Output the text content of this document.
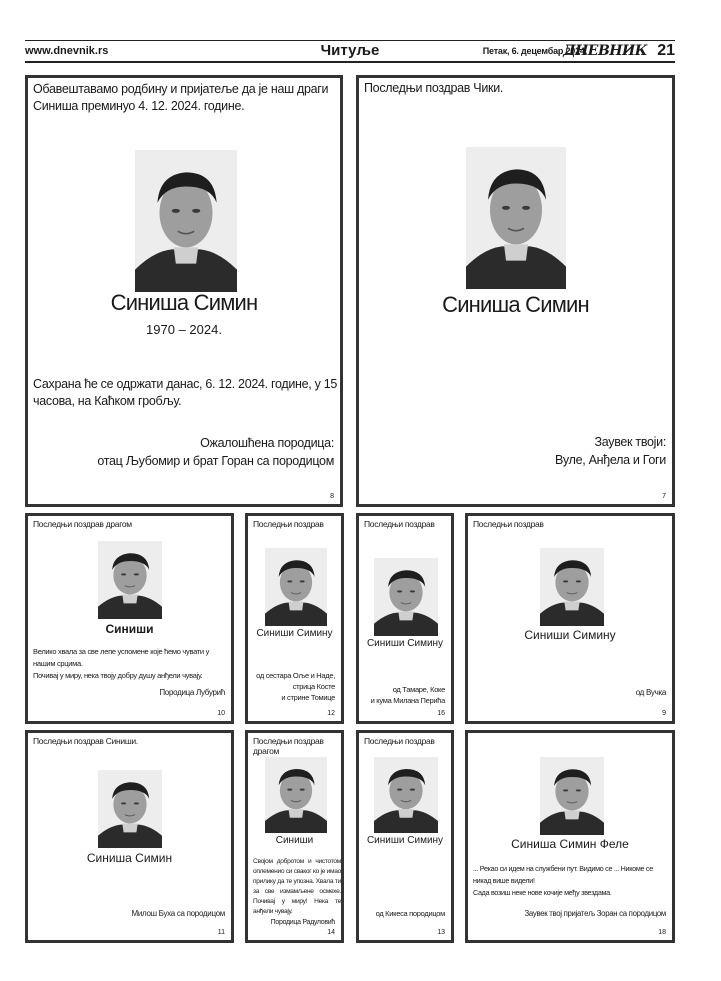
www.dnevnik.rs	Читуље	Петак, 6. децембар 2024.
ДНЕВНИК 21
Обавештавамо родбину и пријатеље да је наш драги Синиша преминуо 4. 12. 2024. године.
Синиша Симин
1970 – 2024.
Сахрана ће се одржати данас, 6. 12. 2024. године, у 15 часова, на Каћком гробљу.
Ожалошћена породица:
отац Љубомир и брат Горан са породицом
8
Последњи поздрав Чики.
Синиша Симин
Заувек твоји:
Вуле, Анђела и Гоги
7
Последњи поздрав драгом
Синиши
Велико хвала за све лепе успомене које ћемо чувати у нашим срцима.
Почивај у миру, нека твоју добру душу анђели чувају.
Породица Лубурић
10
Последњи поздрав
Синиши Симину
од сестара Оље и Наде,
стрица Косте
и стрине Томице
12
Последњи поздрав
Синиши Симину
од Тамаре, Коке
и кума Милана Перића
16
Последњи поздрав
Синиши Симину
од Вучка
9
Последњи поздрав Синиши.
Синиша Симин
Милош Буха са породицом
11
Последњи поздрав драгом
Синиши
Својом добротом и чистотом оплеменио си сваког ко је имао прилику да те упозна. Хвала ти за све измамљене осмехе. Почивај у миру! Нека те анђели чувају.
Породица Радуловић
14
Последњи поздрав
Синиши Симину
од Кикеса породицом
13
Синиша Симин Феле
... Рекао си идем на службени пут. Видимо се ... Никоме се никад више видели!
Сада возиш неке нове кочије међу звездама.
Заувек твој пријатељ Зоран са породицом
18
